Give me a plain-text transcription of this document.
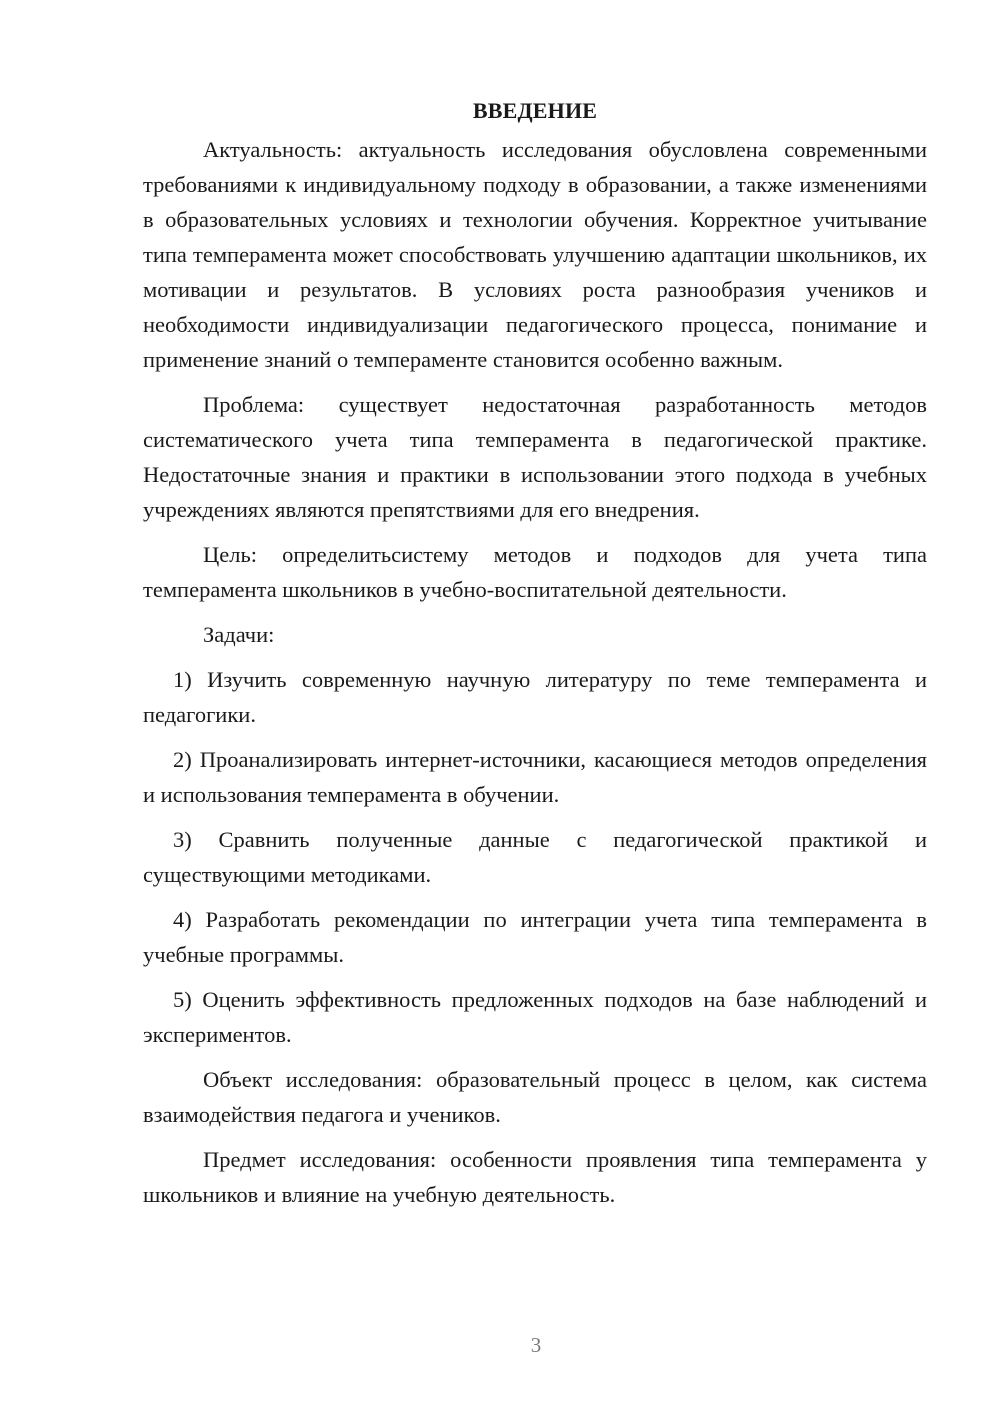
ВВЕДЕНИЕ

Актуальность: актуальность исследования обусловлена современными требованиями к индивидуальному подходу в образовании, а также изменениями в образовательных условиях и технологии обучения. Корректное учитывание типа темперамента может способствовать улучшению адаптации школьников, их мотивации и результатов. В условиях роста разнообразия учеников и необходимости индивидуализации педагогического процесса, понимание и применение знаний о темпераменте становится особенно важным.

Проблема: существует недостаточная разработанность методов систематического учета типа темперамента в педагогической практике. Недостаточные знания и практики в использовании этого подхода в учебных учреждениях являются препятствиями для его внедрения.

Цель: определитьсистему методов и подходов для учета типа темперамента школьников в учебно-воспитательной деятельности.

Задачи:

1) Изучить современную научную литературу по теме темперамента и педагогики.

2) Проанализировать интернет-источники, касающиеся методов определения и использования темперамента в обучении.

3) Сравнить полученные данные с педагогической практикой и существующими методиками.

4) Разработать рекомендации по интеграции учета типа темперамента в учебные программы.

5) Оценить эффективность предложенных подходов на базе наблюдений и экспериментов.

Объект исследования: образовательный процесс в целом, как система взаимодействия педагога и учеников.

Предмет исследования: особенности проявления типа темперамента у школьников и влияние на учебную деятельность.

3
